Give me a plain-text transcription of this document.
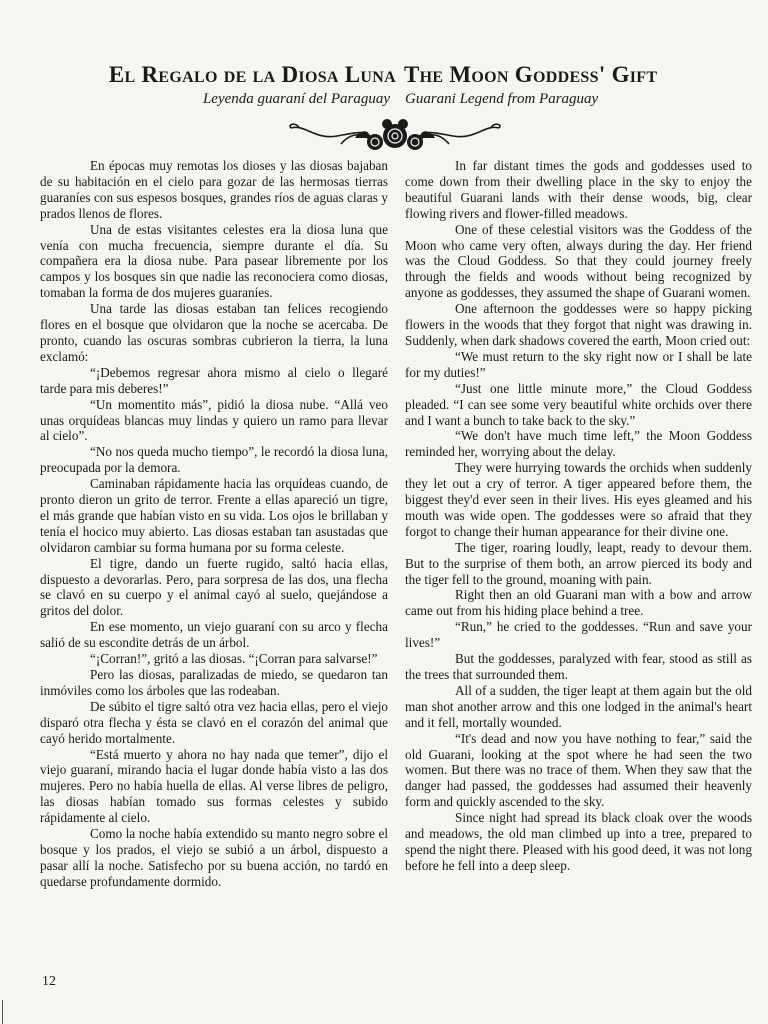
El Regalo de la Diosa Luna The Moon Goddess' Gift
Leyenda guaraní del Paraguay Guarani Legend from Paraguay

En épocas muy remotas los dioses y las diosas bajaban de su habitación en el cielo para gozar de las hermosas tierras guaraníes con sus espesos bosques, grandes ríos de aguas claras y prados llenos de flores.

Una de estas visitantes celestes era la diosa luna que venía con mucha frecuencia, siempre durante el día. Su compañera era la diosa nube. Para pasear libremente por los campos y los bosques sin que nadie las reconociera como diosas, tomaban la forma de dos mujeres guaraníes.

Una tarde las diosas estaban tan felices recogiendo flores en el bosque que olvidaron que la noche se acercaba. De pronto, cuando las oscuras sombras cubrieron la tierra, la luna exclamó:

“¡Debemos regresar ahora mismo al cielo o llegaré tarde para mis deberes!”

“Un momentito más”, pidió la diosa nube. “Allá veo unas orquídeas blancas muy lindas y quiero un ramo para llevar al cielo”.

“No nos queda mucho tiempo”, le recordó la diosa luna, preocupada por la demora.

Caminaban rápidamente hacia las orquídeas cuando, de pronto dieron un grito de terror. Frente a ellas apareció un tigre, el más grande que habían visto en su vida. Los ojos le brillaban y tenía el hocico muy abierto. Las diosas estaban tan asustadas que olvidaron cambiar su forma humana por su forma celeste.

El tigre, dando un fuerte rugido, saltó hacia ellas, dispuesto a devorarlas. Pero, para sorpresa de las dos, una flecha se clavó en su cuerpo y el animal cayó al suelo, quejándose a gritos del dolor.

En ese momento, un viejo guaraní con su arco y flecha salió de su escondite detrás de un árbol.

“¡Corran!”, gritó a las diosas. “¡Corran para salvarse!”

Pero las diosas, paralizadas de miedo, se quedaron tan inmóviles como los árboles que las rodeaban.

De súbito el tigre saltó otra vez hacia ellas, pero el viejo disparó otra flecha y ésta se clavó en el corazón del animal que cayó herido mortalmente.

“Está muerto y ahora no hay nada que temer”, dijo el viejo guaraní, mirando hacia el lugar donde había visto a las dos mujeres. Pero no había huella de ellas. Al verse libres de peligro, las diosas habían tomado sus formas celestes y subido rápidamente al cielo.

Como la noche había extendido su manto negro sobre el bosque y los prados, el viejo se subió a un árbol, dispuesto a pasar allí la noche. Satisfecho por su buena acción, no tardó en quedarse profundamente dormido.

In far distant times the gods and goddesses used to come down from their dwelling place in the sky to enjoy the beautiful Guarani lands with their dense woods, big, clear flowing rivers and flower-filled meadows.

One of these celestial visitors was the Goddess of the Moon who came very often, always during the day. Her friend was the Cloud Goddess. So that they could journey freely through the fields and woods without being recognized by anyone as goddesses, they assumed the shape of Guarani women.

One afternoon the goddesses were so happy picking flowers in the woods that they forgot that night was drawing in. Suddenly, when dark shadows covered the earth, Moon cried out:

“We must return to the sky right now or I shall be late for my duties!”

“Just one little minute more,” the Cloud Goddess pleaded. “I can see some very beautiful white orchids over there and I want a bunch to take back to the sky.”

“We don't have much time left,” the Moon Goddess reminded her, worrying about the delay.

They were hurrying towards the orchids when suddenly they let out a cry of terror. A tiger appeared before them, the biggest they'd ever seen in their lives. His eyes gleamed and his mouth was wide open. The goddesses were so afraid that they forgot to change their human appearance for their divine one.

The tiger, roaring loudly, leapt, ready to devour them. But to the surprise of them both, an arrow pierced its body and the tiger fell to the ground, moaning with pain.

Right then an old Guarani man with a bow and arrow came out from his hiding place behind a tree.

“Run,” he cried to the goddesses. “Run and save your lives!”

But the goddesses, paralyzed with fear, stood as still as the trees that surrounded them.

All of a sudden, the tiger leapt at them again but the old man shot another arrow and this one lodged in the animal's heart and it fell, mortally wounded.

“It's dead and now you have nothing to fear,” said the old Guarani, looking at the spot where he had seen the two women. But there was no trace of them. When they saw that the danger had passed, the goddesses had assumed their heavenly form and quickly ascended to the sky.

Since night had spread its black cloak over the woods and meadows, the old man climbed up into a tree, prepared to spend the night there. Pleased with his good deed, it was not long before he fell into a deep sleep.

12
